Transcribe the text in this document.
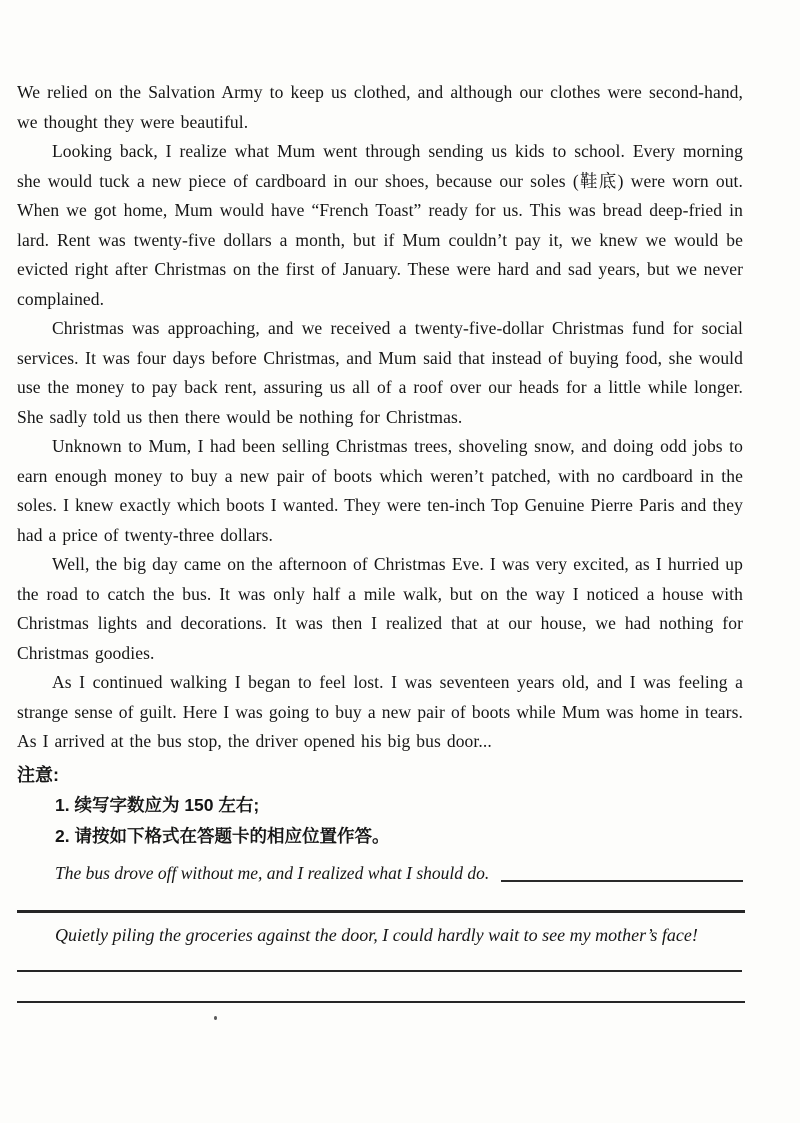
We relied on the Salvation Army to keep us clothed, and although our clothes were second-hand, we thought they were beautiful.

Looking back, I realize what Mum went through sending us kids to school. Every morning she would tuck a new piece of cardboard in our shoes, because our soles (鞋底) were worn out. When we got home, Mum would have “French Toast” ready for us. This was bread deep-fried in lard. Rent was twenty-five dollars a month, but if Mum couldn’t pay it, we knew we would be evicted right after Christmas on the first of January. These were hard and sad years, but we never complained.

Christmas was approaching, and we received a twenty-five-dollar Christmas fund for social services. It was four days before Christmas, and Mum said that instead of buying food, she would use the money to pay back rent, assuring us all of a roof over our heads for a little while longer. She sadly told us then there would be nothing for Christmas.

Unknown to Mum, I had been selling Christmas trees, shoveling snow, and doing odd jobs to earn enough money to buy a new pair of boots which weren’t patched, with no cardboard in the soles. I knew exactly which boots I wanted. They were ten-inch Top Genuine Pierre Paris and they had a price of twenty-three dollars.

Well, the big day came on the afternoon of Christmas Eve. I was very excited, as I hurried up the road to catch the bus. It was only half a mile walk, but on the way I noticed a house with Christmas lights and decorations. It was then I realized that at our house, we had nothing for Christmas goodies.

As I continued walking I began to feel lost. I was seventeen years old, and I was feeling a strange sense of guilt. Here I was going to buy a new pair of boots while Mum was home in tears. As I arrived at the bus stop, the driver opened his big bus door...

注意:
1. 续写字数应为 150 左右;
2. 请按如下格式在答题卡的相应位置作答。
The bus drove off without me, and I realized what I should do.
Quietly piling the groceries against the door, I could hardly wait to see my mother’s face!
